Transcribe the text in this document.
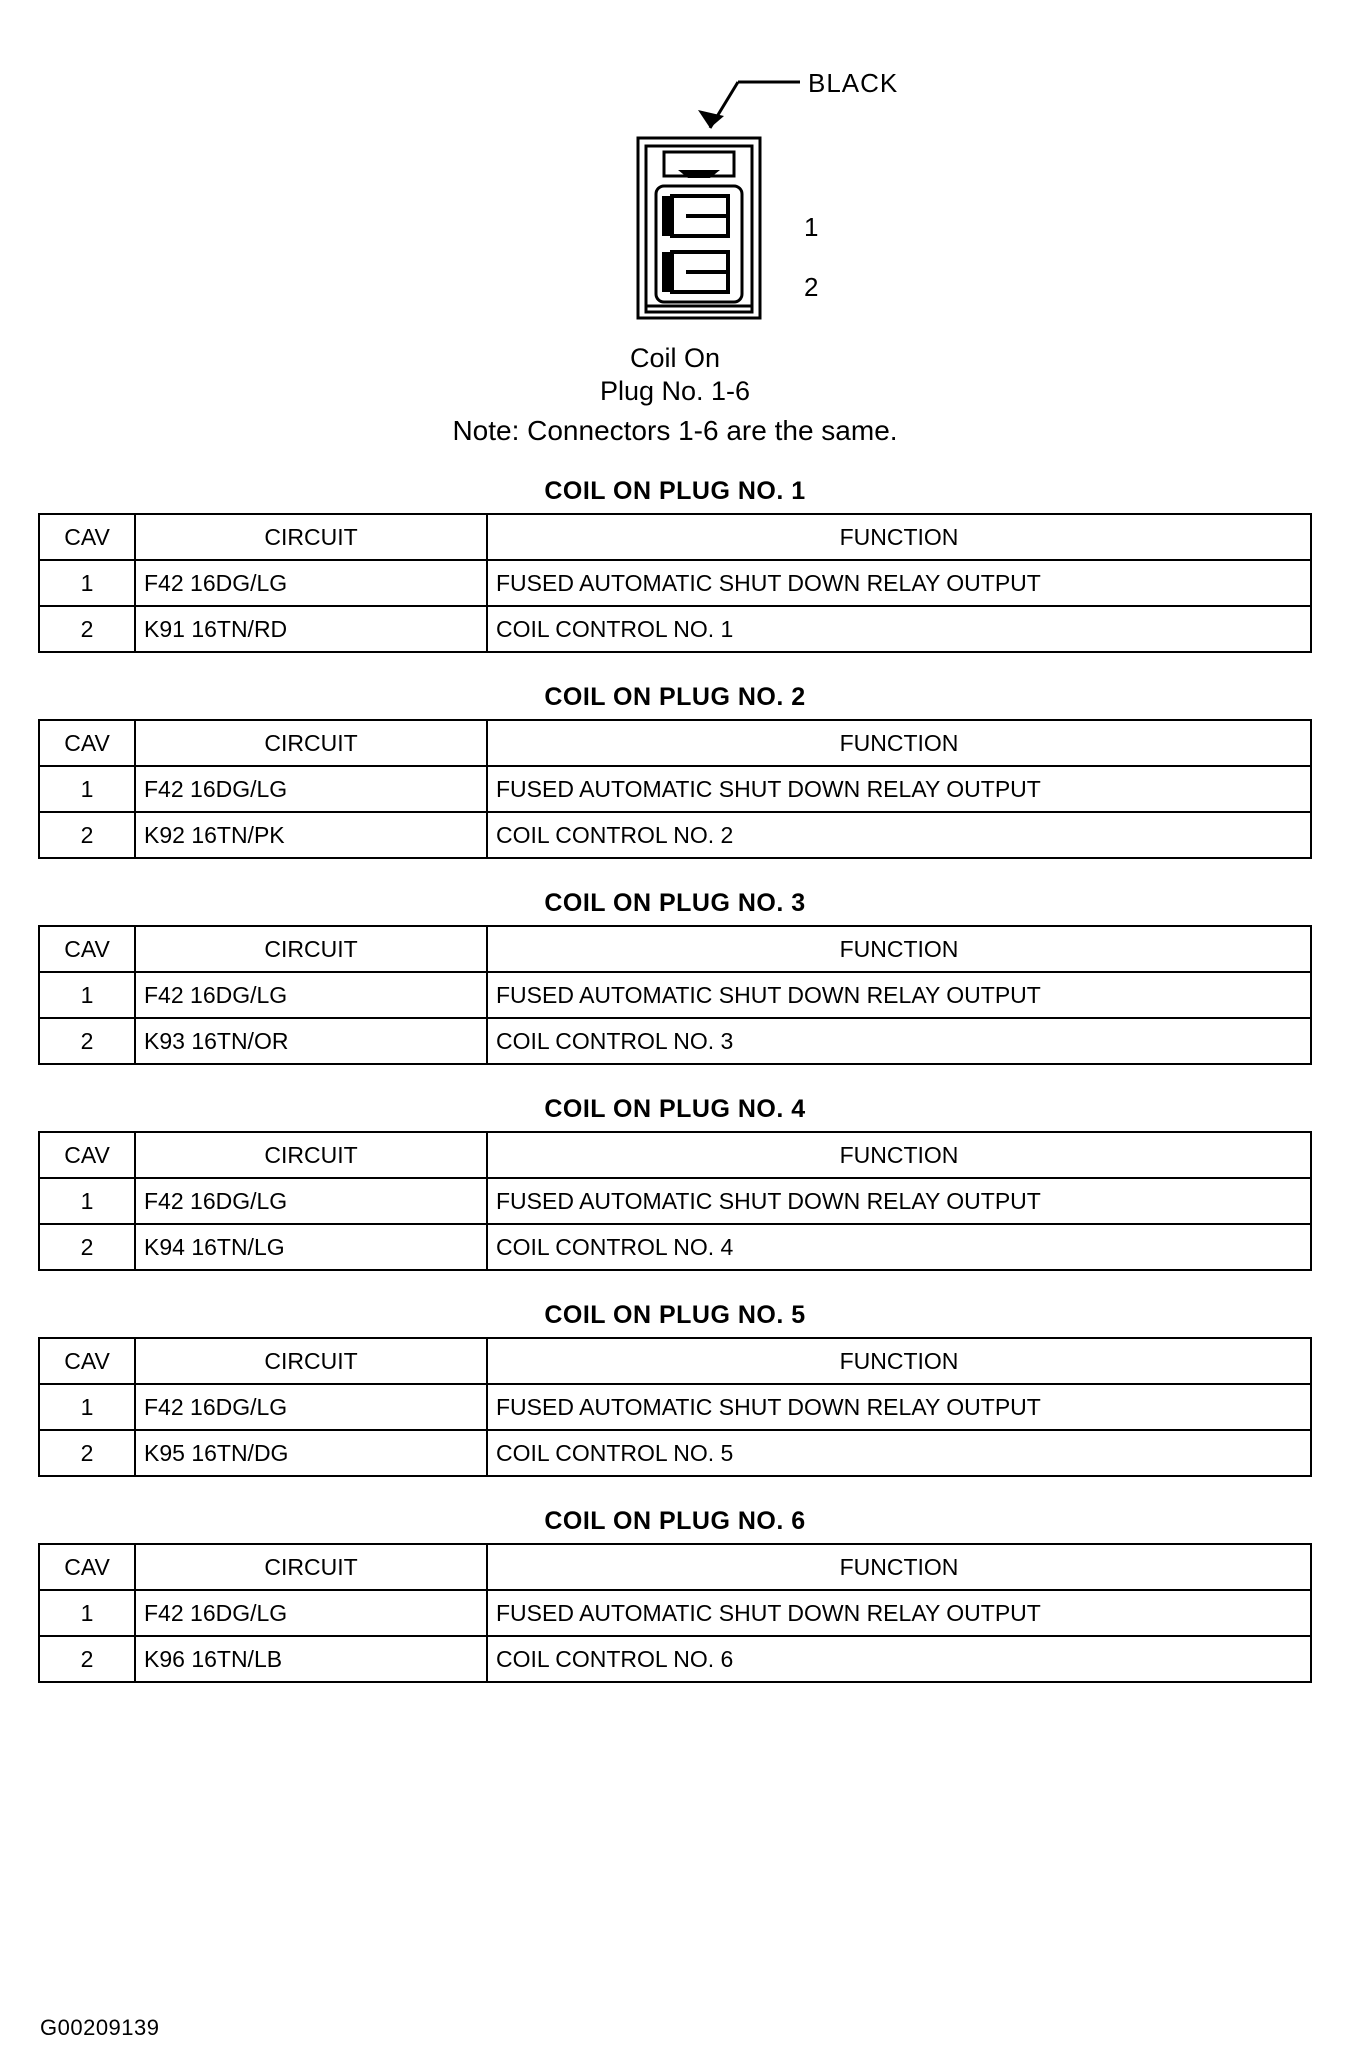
BLACK
1
2
Coil On
Plug No. 1-6
Note: Connectors 1-6 are the same.
COIL ON PLUG NO. 1
CAV	CIRCUIT	FUNCTION
1	F42 16DG/LG	FUSED AUTOMATIC SHUT DOWN RELAY OUTPUT
2	K91 16TN/RD	COIL CONTROL NO. 1
COIL ON PLUG NO. 2
CAV	CIRCUIT	FUNCTION
1	F42 16DG/LG	FUSED AUTOMATIC SHUT DOWN RELAY OUTPUT
2	K92 16TN/PK	COIL CONTROL NO. 2
COIL ON PLUG NO. 3
CAV	CIRCUIT	FUNCTION
1	F42 16DG/LG	FUSED AUTOMATIC SHUT DOWN RELAY OUTPUT
2	K93 16TN/OR	COIL CONTROL NO. 3
COIL ON PLUG NO. 4
CAV	CIRCUIT	FUNCTION
1	F42 16DG/LG	FUSED AUTOMATIC SHUT DOWN RELAY OUTPUT
2	K94 16TN/LG	COIL CONTROL NO. 4
COIL ON PLUG NO. 5
CAV	CIRCUIT	FUNCTION
1	F42 16DG/LG	FUSED AUTOMATIC SHUT DOWN RELAY OUTPUT
2	K95 16TN/DG	COIL CONTROL NO. 5
COIL ON PLUG NO. 6
CAV	CIRCUIT	FUNCTION
1	F42 16DG/LG	FUSED AUTOMATIC SHUT DOWN RELAY OUTPUT
2	K96 16TN/LB	COIL CONTROL NO. 6
G00209139
